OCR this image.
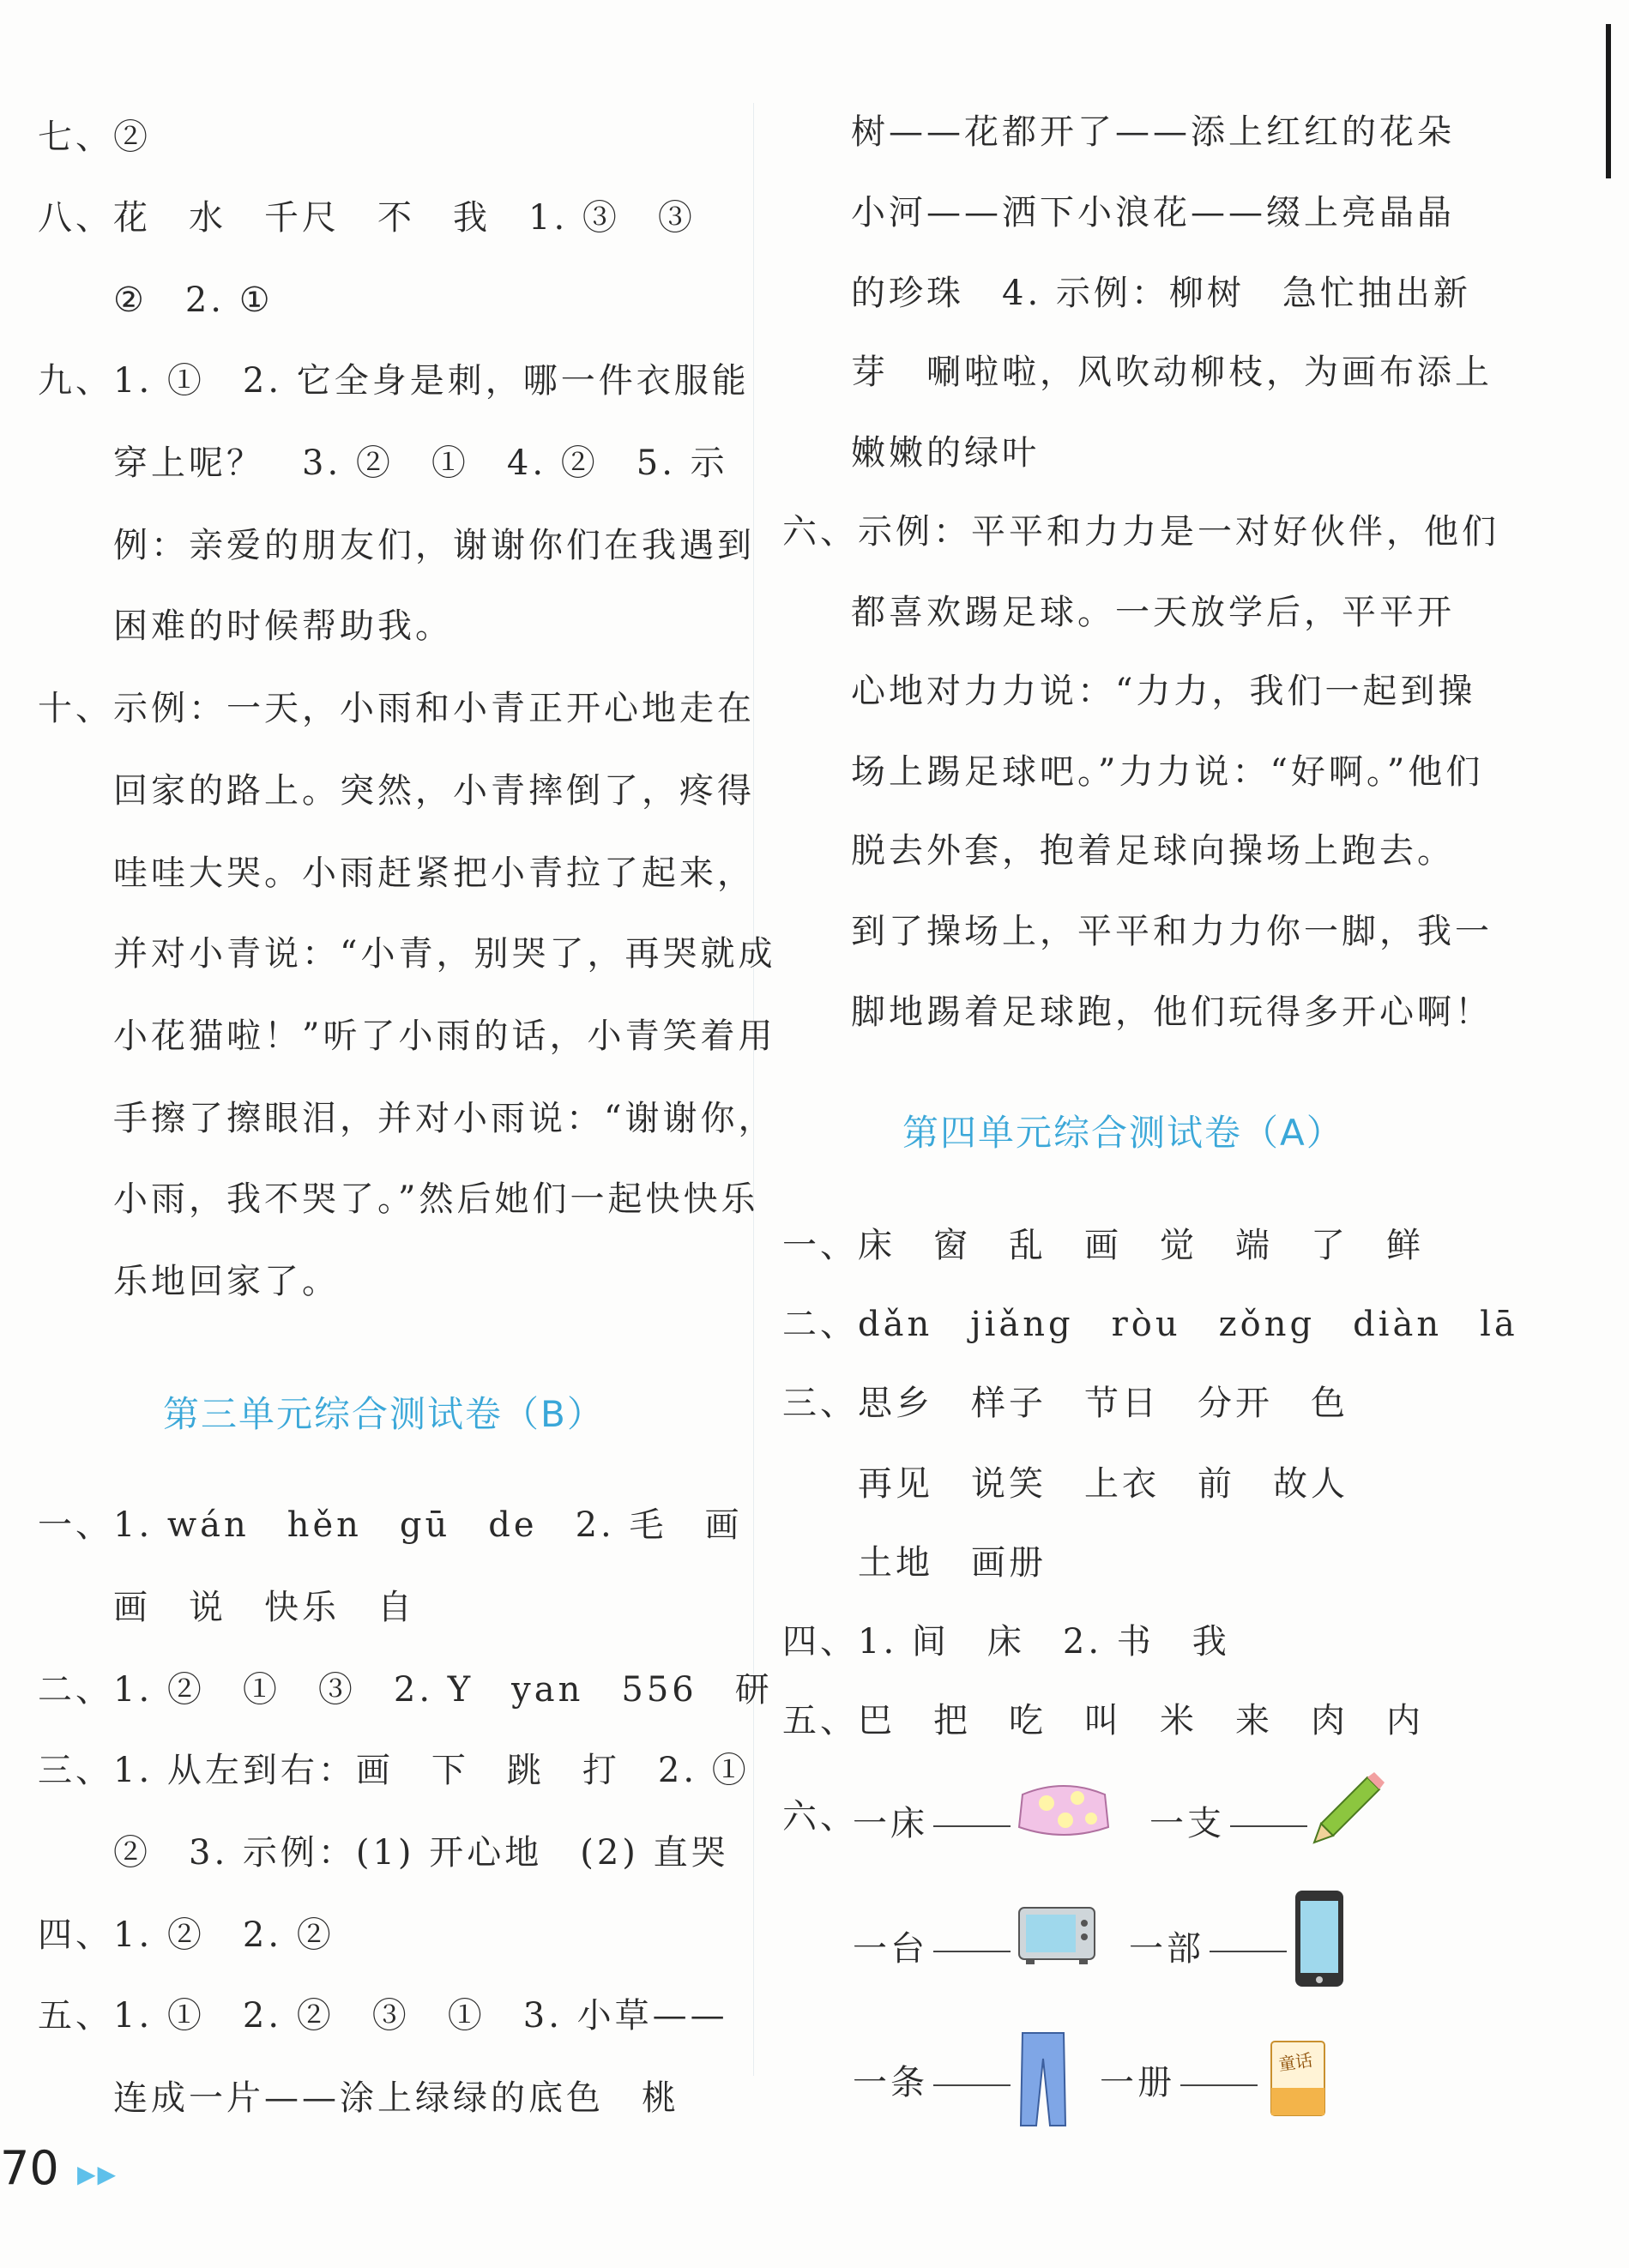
七、②
八、花　水　千尺　不　我　1. ③　③
②　2. ①
九、1. ①　2. 它全身是刺，哪一件衣服能
穿上呢？　3. ②　①　4. ②　5. 示
例：亲爱的朋友们，谢谢你们在我遇到
困难的时候帮助我。
十、示例：一天，小雨和小青正开心地走在
回家的路上。突然，小青摔倒了，疼得
哇哇大哭。小雨赶紧把小青拉了起来，
并对小青说：“小青，别哭了，再哭就成
小花猫啦！”听了小雨的话，小青笑着用
手擦了擦眼泪，并对小雨说：“谢谢你，
小雨，我不哭了。”然后她们一起快快乐
乐地回家了。
第三单元综合测试卷（B）
一、1. wán　hěn　gū　de　2. 毛　画
画　说　快乐　自
二、1. ②　①　③　2. Y　yan　556　研
三、1. 从左到右：画　下　跳　打　2. ①
②　3. 示例：(1) 开心地　(2) 直哭
四、1. ②　2. ②
五、1. ①　2. ②　③　①　3. 小草——
连成一片——涂上绿绿的底色　桃
树——花都开了——添上红红的花朵
小河——洒下小浪花——缀上亮晶晶
的珍珠　4. 示例：柳树　急忙抽出新
芽　唰啦啦，风吹动柳枝，为画布添上
嫩嫩的绿叶
六、示例：平平和力力是一对好伙伴，他们
都喜欢踢足球。一天放学后，平平开
心地对力力说：“力力，我们一起到操
场上踢足球吧。”力力说：“好啊。”他们
脱去外套，抱着足球向操场上跑去。
到了操场上，平平和力力你一脚，我一
脚地踢着足球跑，他们玩得多开心啊！
第四单元综合测试卷（A）
一、床　窗　乱　画　觉　端　了　鲜
二、dǎn　jiǎng　ròu　zǒng　diàn　lā
三、思乡　样子　节日　分开　色
再见　说笑　上衣　前　故人
土地　画册
四、1. 间　床　2. 书　我
五、巴　把　吃　叫　米　来　肉　内
六、
一床	一支
一台	一部
一条	一册
童话
70 ▶▶
